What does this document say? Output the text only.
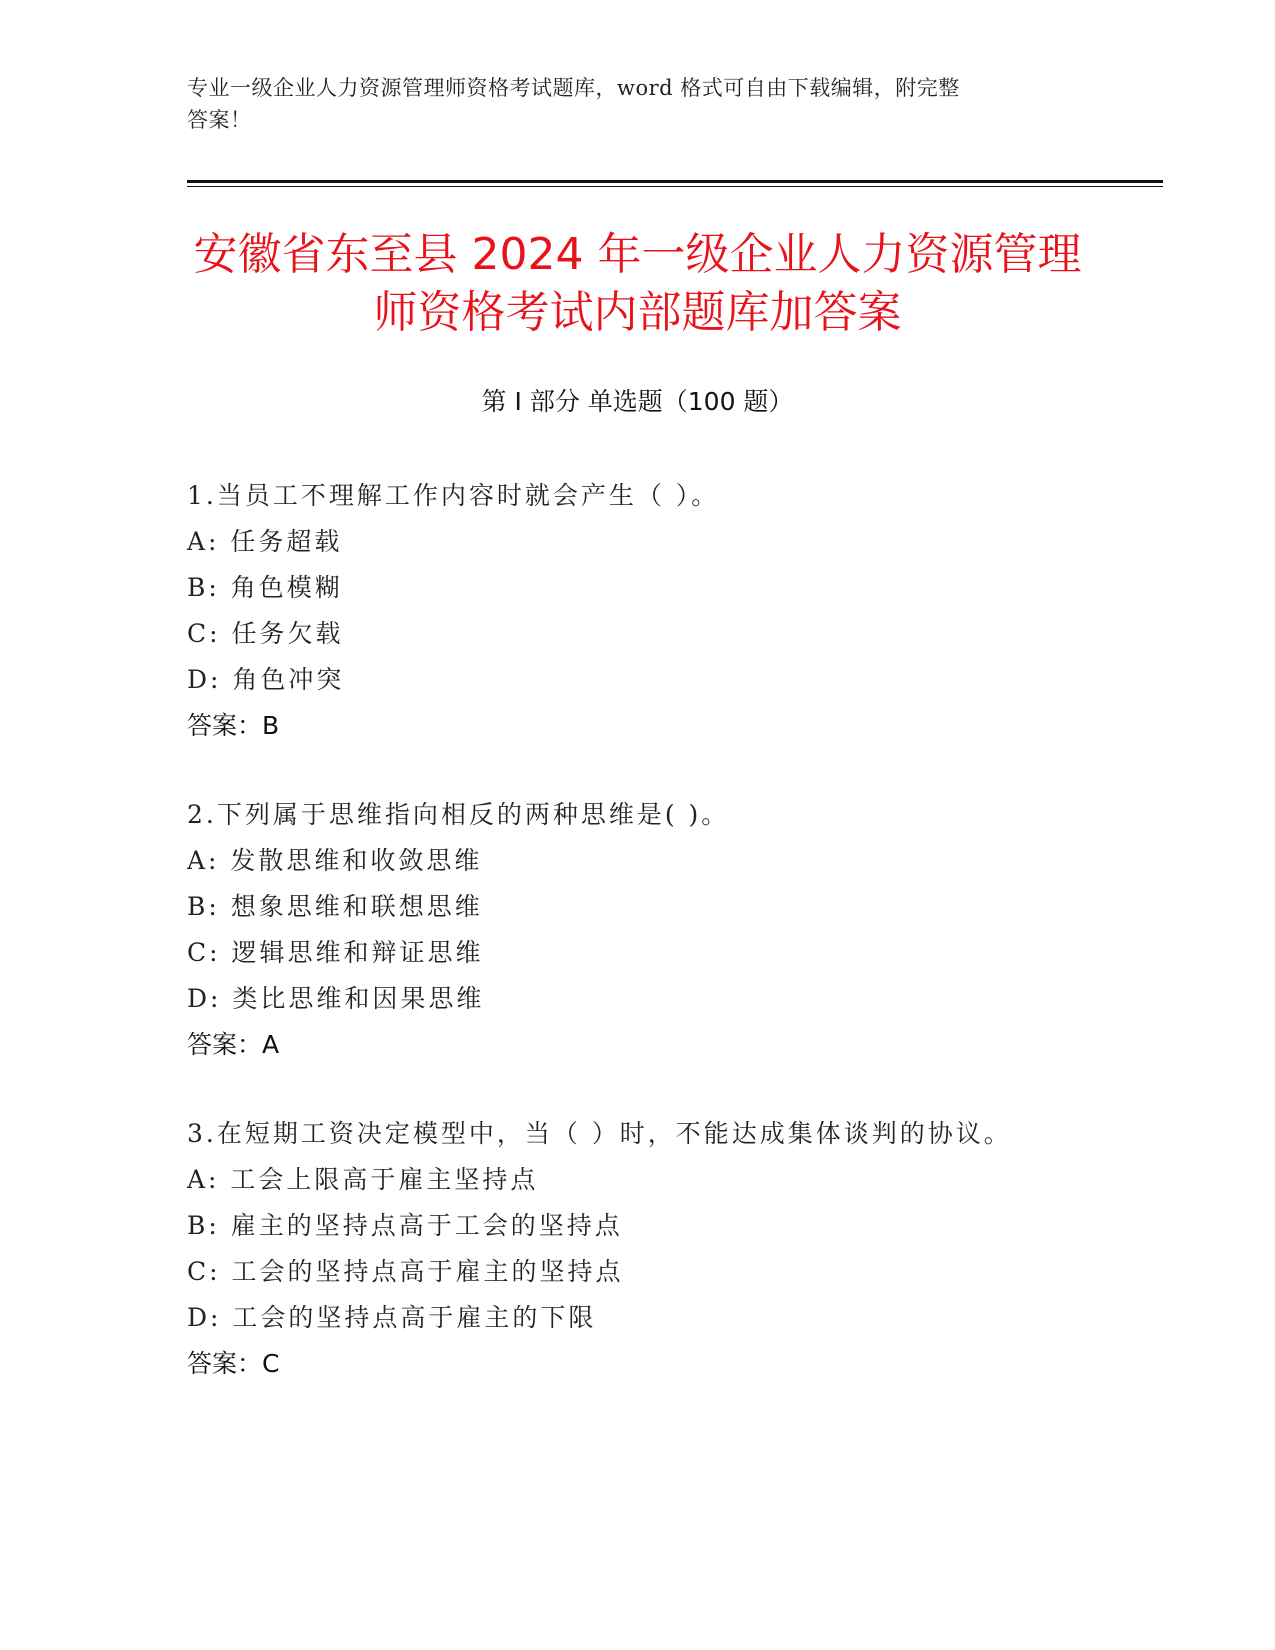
专业一级企业人力资源管理师资格考试题库，word 格式可自由下载编辑，附完整
答案！
安徽省东至县 2024 年一级企业人力资源管理
师资格考试内部题库加答案
第 I 部分 单选题（100 题）
1.当员工不理解工作内容时就会产生（ ）。
A: 任务超载
B: 角色模糊
C: 任务欠载
D: 角色冲突
答案：B
2.下列属于思维指向相反的两种思维是( )。
A: 发散思维和收敛思维
B: 想象思维和联想思维
C: 逻辑思维和辩证思维
D: 类比思维和因果思维
答案：A
3.在短期工资决定模型中，当（ ）时，不能达成集体谈判的协议。
A: 工会上限高于雇主坚持点
B: 雇主的坚持点高于工会的坚持点
C: 工会的坚持点高于雇主的坚持点
D: 工会的坚持点高于雇主的下限
答案：C
